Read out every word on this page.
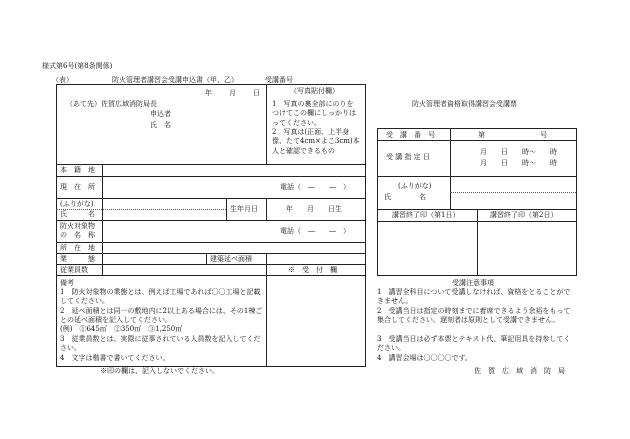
様式第6号(第8条関係)
（表）	防火管理者講習会受講申込書（甲、乙）	受講番号
（写真貼付欄）
1　写真の裏全部にのりをつけてこの欄にしっかりはってください。
2　写真は(正面、上半身像、たて4cm×よこ3cm)本人と確認できるもの
年　　月　　日
（あて先）佐賀広域消防局長
申込者
氏　名
本　籍　地
現　在　所	電話（　―　　―　）
(ふりがな)
氏　　　名
生年月日	年　　月　　日生
防火対象物
の　名　称	電話（　―　　―　）
所　在　地
業　　　態	建築延べ面積
従業員数	※　受　付　欄
備考
1　防火対象物の業態とは、例えば工場であれば〇〇工場と記載してください。
2　延べ面積とは同一の敷地内に2以上ある場合には、その1棟ごとの延べ面積を記入してください。
(例)　①645㎡　②350㎡　③1,250㎡
3　従業員数とは、実際に従事されている人員数を記入してください。
4　文字は楷書で書いてください。
※印の欄は、記入しないでください。
防火管理者資格取得講習会受講票
受　講　番　号	第	号
受 講 指 定 日
月　　日　　時〜　　時
月　　日　　時〜　　時
(ふりがな)
氏　　　　名
講習終了印（第1日）	講習終了印（第2日）
受講注意事項
1　講習全科目について受講しなければ、資格をとることができません。
2　受講当日は指定の時刻までに着席できるよう余裕をもって集合してください。遅刻者は原則として受講できません。
3　受講当日は必ず本票とテキスト代、筆記用具を持参してください。
4　講習会場は〇〇〇〇です。
佐　賀　広　域　消　防　局
